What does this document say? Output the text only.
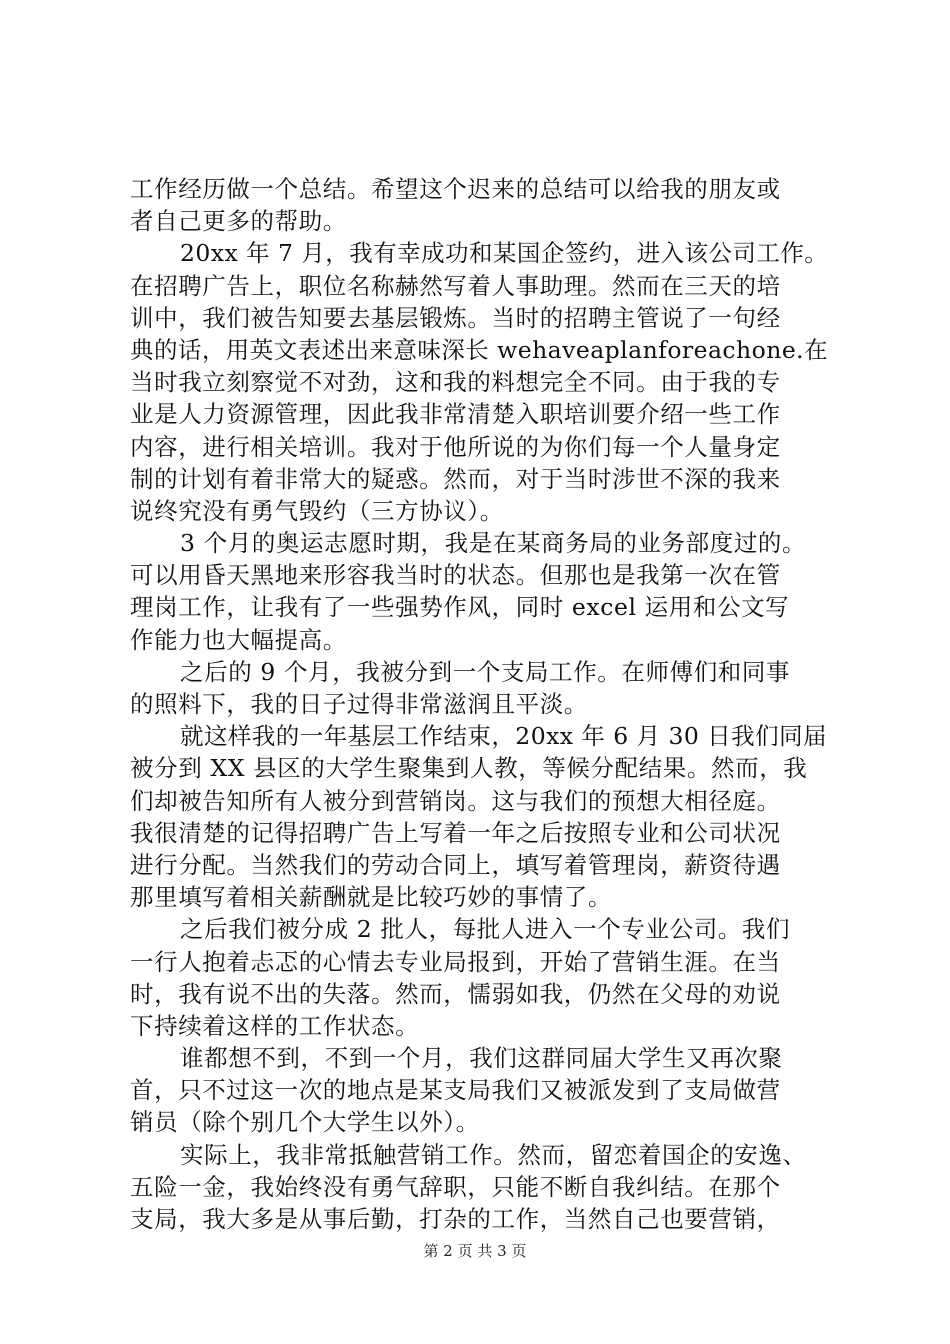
工作经历做一个总结。希望这个迟来的总结可以给我的朋友或
者自己更多的帮助。
20xx 年 7 月，我有幸成功和某国企签约，进入该公司工作。
在招聘广告上，职位名称赫然写着人事助理。然而在三天的培
训中，我们被告知要去基层锻炼。当时的招聘主管说了一句经
典的话，用英文表述出来意味深长 wehaveaplanforeachone.在
当时我立刻察觉不对劲，这和我的料想完全不同。由于我的专
业是人力资源管理，因此我非常清楚入职培训要介绍一些工作
内容，进行相关培训。我对于他所说的为你们每一个人量身定
制的计划有着非常大的疑惑。然而，对于当时涉世不深的我来
说终究没有勇气毁约（三方协议）。
3 个月的奥运志愿时期，我是在某商务局的业务部度过的。
可以用昏天黑地来形容我当时的状态。但那也是我第一次在管
理岗工作，让我有了一些强势作风，同时 excel 运用和公文写
作能力也大幅提高。
之后的 9 个月，我被分到一个支局工作。在师傅们和同事
的照料下，我的日子过得非常滋润且平淡。
就这样我的一年基层工作结束，20xx 年 6 月 30 日我们同届
被分到 XX 县区的大学生聚集到人教，等候分配结果。然而，我
们却被告知所有人被分到营销岗。这与我们的预想大相径庭。
我很清楚的记得招聘广告上写着一年之后按照专业和公司状况
进行分配。当然我们的劳动合同上，填写着管理岗，薪资待遇
那里填写着相关薪酬就是比较巧妙的事情了。
之后我们被分成 2 批人，每批人进入一个专业公司。我们
一行人抱着忐忑的心情去专业局报到，开始了营销生涯。在当
时，我有说不出的失落。然而，懦弱如我，仍然在父母的劝说
下持续着这样的工作状态。
谁都想不到，不到一个月，我们这群同届大学生又再次聚
首，只不过这一次的地点是某支局我们又被派发到了支局做营
销员（除个别几个大学生以外）。
实际上，我非常抵触营销工作。然而，留恋着国企的安逸、
五险一金，我始终没有勇气辞职，只能不断自我纠结。在那个
支局，我大多是从事后勤，打杂的工作，当然自己也要营销，
第 2 页 共 3 页
